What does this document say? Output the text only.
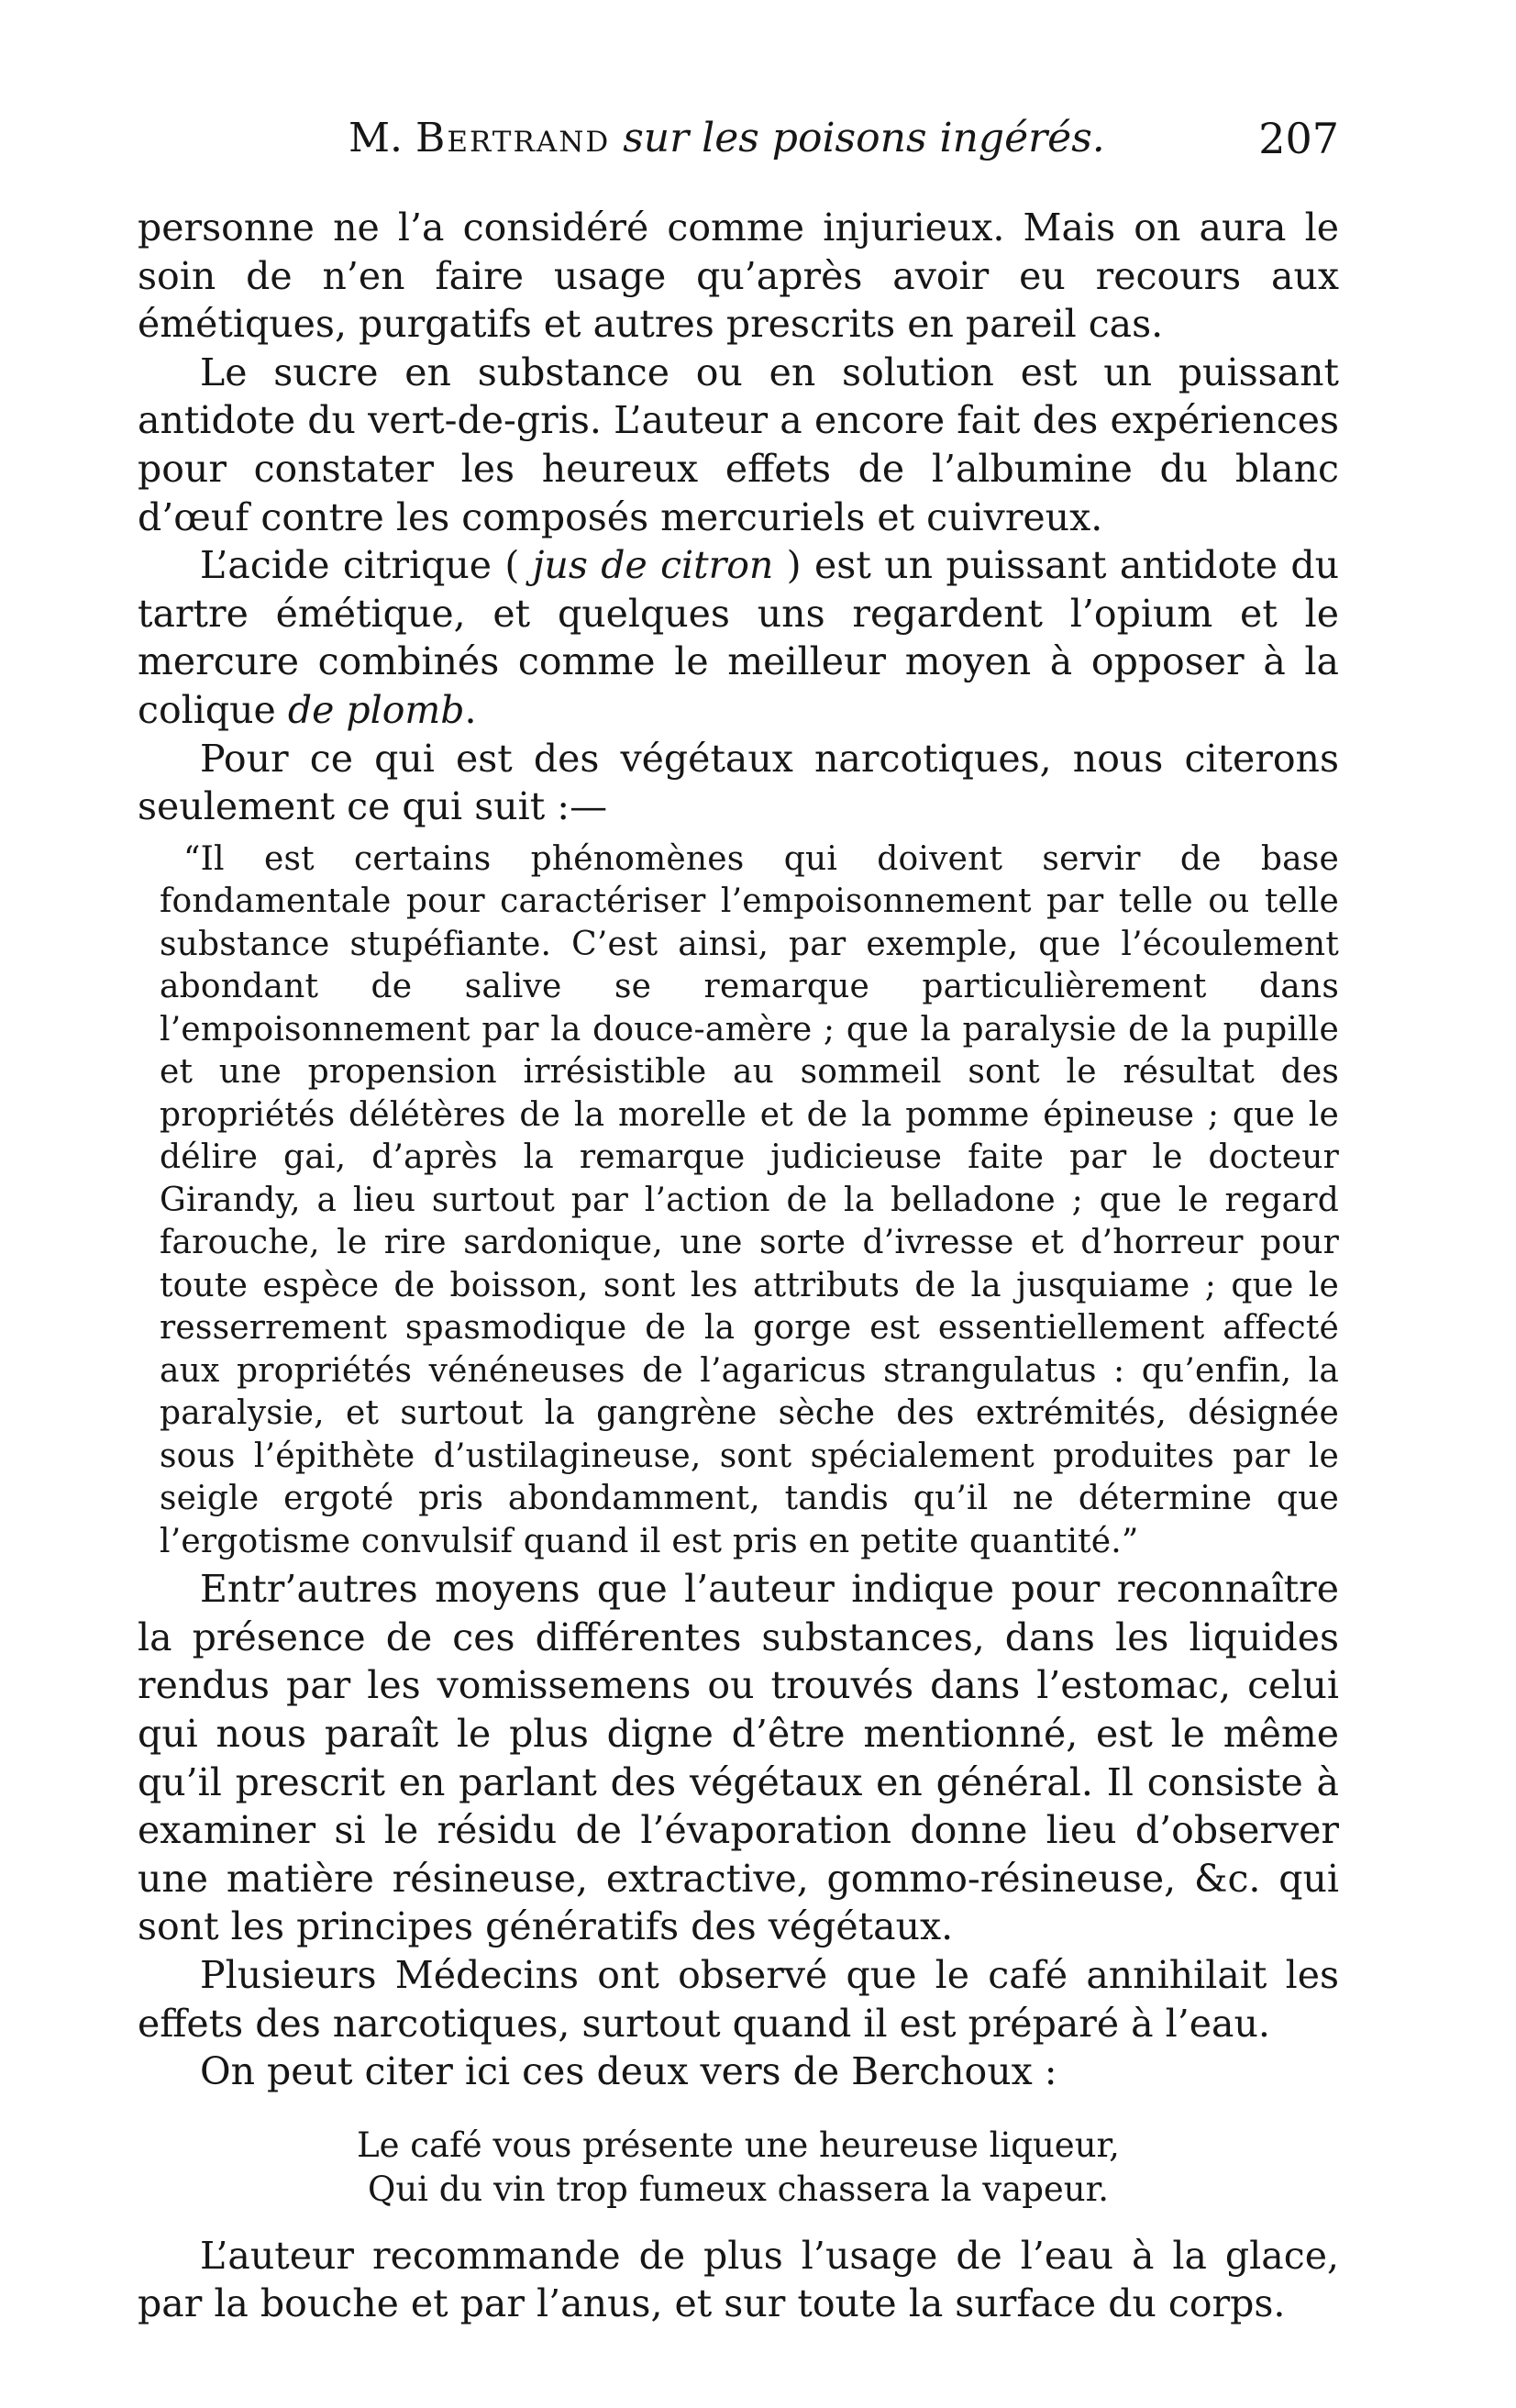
M. Bertrand sur les poisons ingérés.	207

personne ne l’a considéré comme injurieux. Mais on aura le soin de n’en faire usage qu’après avoir eu recours aux émétiques, purgatifs et autres prescrits en pareil cas.

Le sucre en substance ou en solution est un puissant antidote du vert-de-gris. L’auteur a encore fait des expériences pour constater les heureux effets de l’albumine du blanc d’œuf contre les composés mercuriels et cuivreux.

L’acide citrique ( jus de citron ) est un puissant antidote du tartre émétique, et quelques uns regardent l’opium et le mercure combinés comme le meilleur moyen à opposer à la colique de plomb.

Pour ce qui est des végétaux narcotiques, nous citerons seulement ce qui suit :—

“Il est certains phénomènes qui doivent servir de base fondamentale pour caractériser l’empoisonnement par telle ou telle substance stupéfiante. C’est ainsi, par exemple, que l’écoulement abondant de salive se remarque particulièrement dans l’empoisonnement par la douce-amère ; que la paralysie de la pupille et une propension irrésistible au sommeil sont le résultat des propriétés délétères de la morelle et de la pomme épineuse ; que le délire gai, d’après la remarque judicieuse faite par le docteur Girandy, a lieu surtout par l’action de la belladone ; que le regard farouche, le rire sardonique, une sorte d’ivresse et d’horreur pour toute espèce de boisson, sont les attributs de la jusquiame ; que le resserrement spasmodique de la gorge est essentiellement affecté aux propriétés vénéneuses de l’agaricus strangulatus : qu’enfin, la paralysie, et surtout la gangrène sèche des extrémités, désignée sous l’épithète d’ustilagineuse, sont spécialement produites par le seigle ergoté pris abondamment, tandis qu’il ne détermine que l’ergotisme convulsif quand il est pris en petite quantité.”

Entr’autres moyens que l’auteur indique pour reconnaître la présence de ces différentes substances, dans les liquides rendus par les vomissemens ou trouvés dans l’estomac, celui qui nous paraît le plus digne d’être mentionné, est le même qu’il prescrit en parlant des végétaux en général. Il consiste à examiner si le résidu de l’évaporation donne lieu d’observer une matière résineuse, extractive, gommo-résineuse, &c. qui sont les principes génératifs des végétaux.

Plusieurs Médecins ont observé que le café annihilait les effets des narcotiques, surtout quand il est préparé à l’eau.

On peut citer ici ces deux vers de Berchoux :

Le café vous présente une heureuse liqueur,
Qui du vin trop fumeux chassera la vapeur.

L’auteur recommande de plus l’usage de l’eau à la glace, par la bouche et par l’anus, et sur toute la surface du corps.
